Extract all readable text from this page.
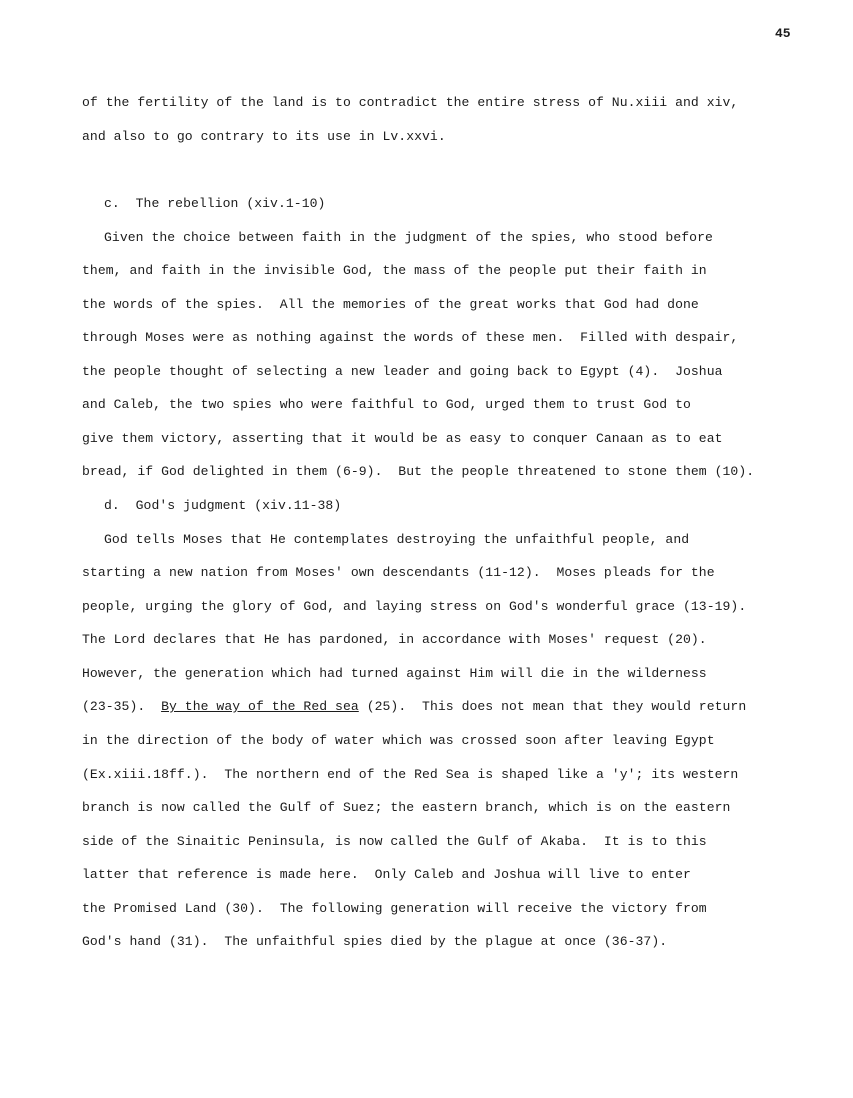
45
of the fertility of the land is to contradict the entire stress of Nu.xiii and xiv,
and also to go contrary to its use in Lv.xxvi.
c.  The rebellion (xiv.1-10)
Given the choice between faith in the judgment of the spies, who stood before
them, and faith in the invisible God, the mass of the people put their faith in
the words of the spies.  All the memories of the great works that God had done
through Moses were as nothing against the words of these men.  Filled with despair,
the people thought of selecting a new leader and going back to Egypt (4).  Joshua
and Caleb, the two spies who were faithful to God, urged them to trust God to
give them victory, asserting that it would be as easy to conquer Canaan as to eat
bread, if God delighted in them (6-9).  But the people threatened to stone them (10).
d.  God's judgment (xiv.11-38)
God tells Moses that He contemplates destroying the unfaithful people, and
starting a new nation from Moses' own descendants (11-12).  Moses pleads for the
people, urging the glory of God, and laying stress on God's wonderful grace (13-19).
The Lord declares that He has pardoned, in accordance with Moses' request (20).
However, the generation which had turned against Him will die in the wilderness
(23-35).  By the way of the Red sea (25).  This does not mean that they would return
in the direction of the body of water which was crossed soon after leaving Egypt
(Ex.xiii.18ff.).  The northern end of the Red Sea is shaped like a 'y'; its western
branch is now called the Gulf of Suez; the eastern branch, which is on the eastern
side of the Sinaitic Peninsula, is now called the Gulf of Akaba.  It is to this
latter that reference is made here.  Only Caleb and Joshua will live to enter
the Promised Land (30).  The following generation will receive the victory from
God's hand (31).  The unfaithful spies died by the plague at once (36-37).
